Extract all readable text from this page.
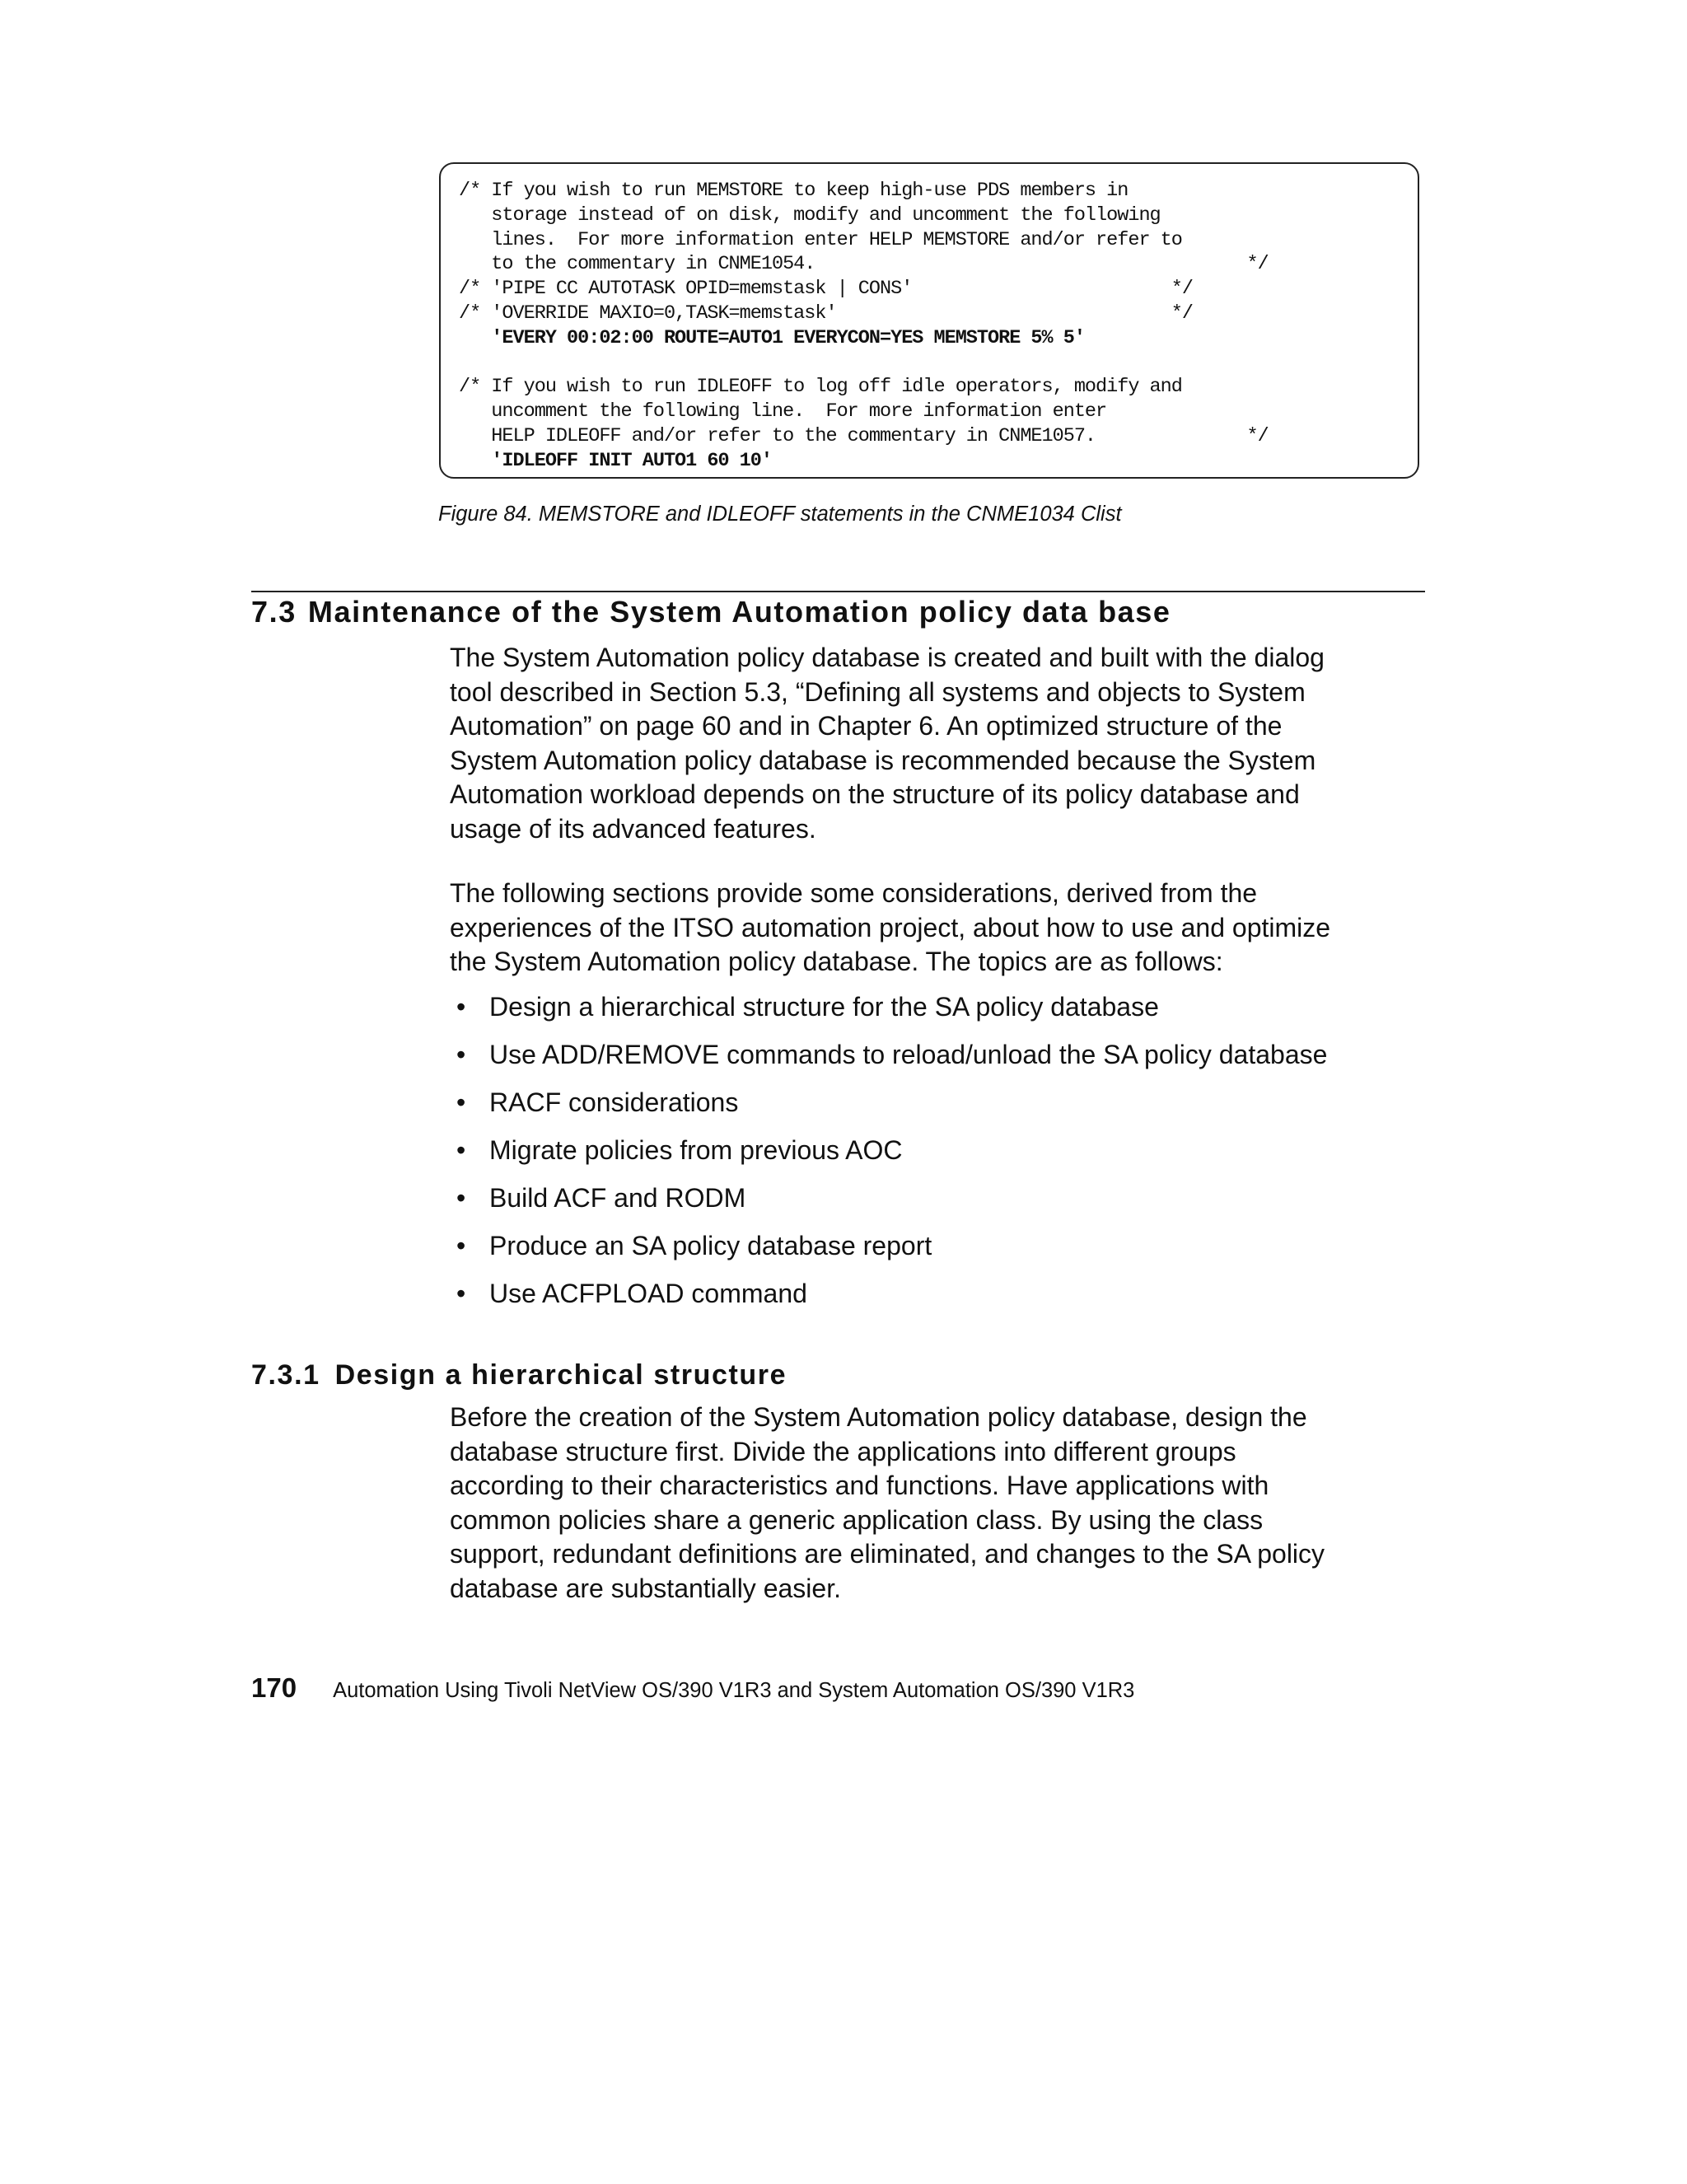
/* If you wish to run MEMSTORE to keep high-use PDS members in
storage instead of on disk, modify and uncomment the following
lines.  For more information enter HELP MEMSTORE and/or refer to
to the commentary in CNME1054.                                        */
/* 'PIPE CC AUTOTASK OPID=memstask | CONS'                        */
/* 'OVERRIDE MAXIO=0,TASK=memstask'                               */
'EVERY 00:02:00 ROUTE=AUTO1 EVERYCON=YES MEMSTORE 5% 5'
/* If you wish to run IDLEOFF to log off idle operators, modify and
uncomment the following line.  For more information enter
HELP IDLEOFF and/or refer to the commentary in CNME1057.              */
'IDLEOFF INIT AUTO1 60 10'
Figure 84. MEMSTORE and IDLEOFF statements in the CNME1034 Clist
7.3 Maintenance of the System Automation policy data base

The System Automation policy database is created and built with the dialog
tool described in Section 5.3, “Defining all systems and objects to System
Automation” on page 60 and in Chapter 6. An optimized structure of the
System Automation policy database is recommended because the System
Automation workload depends on the structure of its policy database and
usage of its advanced features.

The following sections provide some considerations, derived from the
experiences of the ITSO automation project, about how to use and optimize
the System Automation policy database. The topics are as follows:

• Design a hierarchical structure for the SA policy database
• Use ADD/REMOVE commands to reload/unload the SA policy database
• RACF considerations
• Migrate policies from previous AOC
• Build ACF and RODM
• Produce an SA policy database report
• Use ACFPLOAD command
7.3.1 Design a hierarchical structure

Before the creation of the System Automation policy database, design the
database structure first. Divide the applications into different groups
according to their characteristics and functions. Have applications with
common policies share a generic application class. By using the class
support, redundant definitions are eliminated, and changes to the SA policy
database are substantially easier.

170 Automation Using Tivoli NetView OS/390 V1R3 and System Automation OS/390 V1R3
